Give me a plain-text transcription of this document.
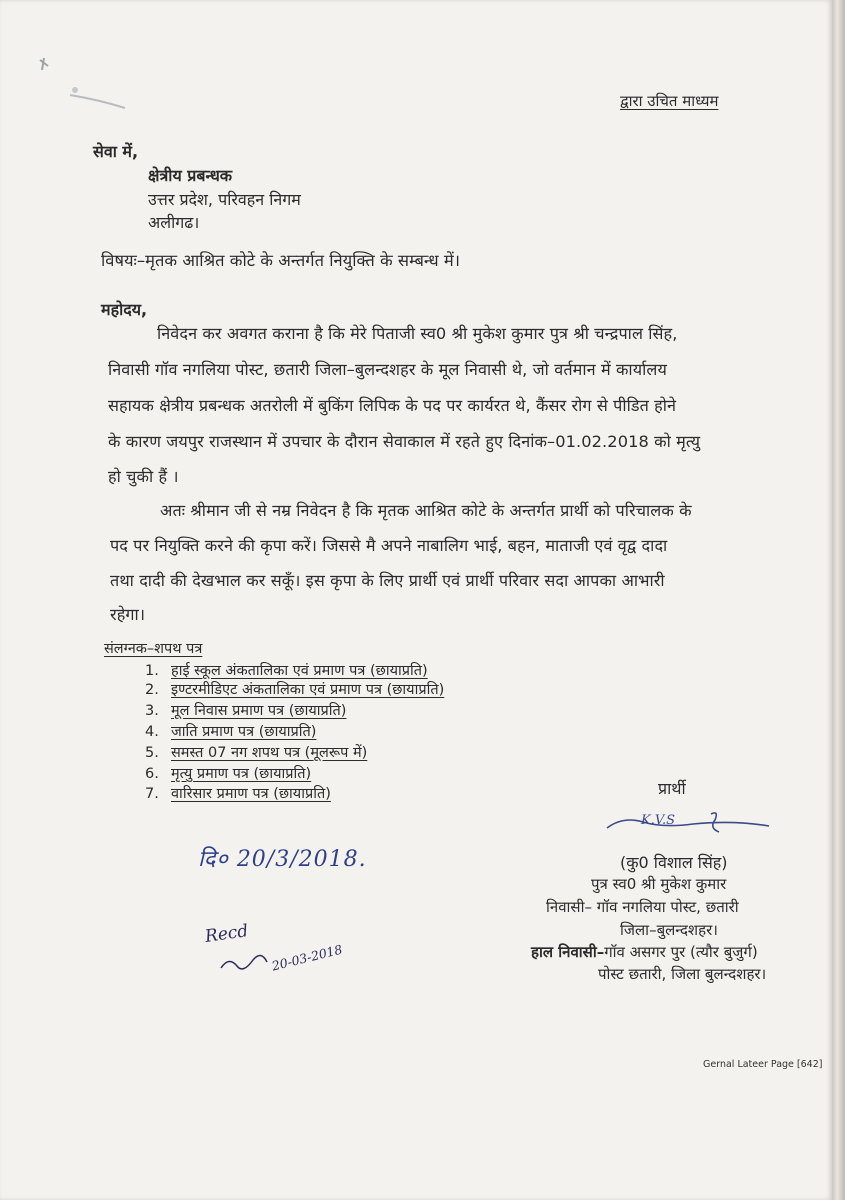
द्वारा उचित माध्यम
सेवा में,
क्षेत्रीय प्रबन्धक
उत्तर प्रदेश, परिवहन निगम
अलीगढ।
विषयः–मृतक आश्रित कोटे के अन्तर्गत नियुक्ति के सम्बन्ध में।
महोदय,
निवेदन कर अवगत कराना है कि मेरे पिताजी स्व0 श्री मुकेश कुमार पुत्र श्री चन्द्रपाल सिंह,
निवासी गॉव नगलिया पोस्ट, छतारी जिला–बुलन्दशहर के मूल निवासी थे, जो वर्तमान में कार्यालय
सहायक क्षेत्रीय प्रबन्धक अतरोली में बुकिंग लिपिक के पद पर कार्यरत थे, कैंसर रोग से पीडित होने
के कारण जयपुर राजस्थान में उपचार के दौरान सेवाकाल में रहते हुए दिनांक–01.02.2018 को मृत्यु
हो चुकी हैं ।
अतः श्रीमान जी से नम्र निवेदन है कि मृतक आश्रित कोटे के अन्तर्गत प्रार्थी को परिचालक के
पद पर नियुक्ति करने की कृपा करें। जिससे मै अपने नाबालिग भाई, बहन, माताजी एवं वृद्व दादा
तथा दादी की देखभाल कर सकूँ। इस कृपा के लिए प्रार्थी एवं प्रार्थी परिवार सदा आपका आभारी
रहेगा।
संलग्नक–शपथ पत्र
1. हाई स्कूल अंकतालिका एवं प्रमाण पत्र (छायाप्रति)
2. इण्टरमीडिएट अंकतालिका एवं प्रमाण पत्र (छायाप्रति)
3. मूल निवास प्रमाण पत्र (छायाप्रति)
4. जाति प्रमाण पत्र (छायाप्रति)
5. समस्त 07 नग शपथ पत्र (मूलरूप में)
6. मृत्यु प्रमाण पत्र (छायाप्रति)
7. वारिसार प्रमाण पत्र (छायाप्रति)	प्रार्थी
K.V.S
(कु0 विशाल सिंह)
पुत्र स्व0 श्री मुकेश कुमार
निवासी– गॉव नगलिया पोस्ट, छतारी
जिला–बुलन्दशहर।
हाल निवासी–गॉव असगर पुर (त्यौर बुजुर्ग)
पोस्ट छतारी, जिला बुलन्दशहर।
दि० 20/3/2018.
Recd
20-03-2018
Gernal Lateer Page [642]
